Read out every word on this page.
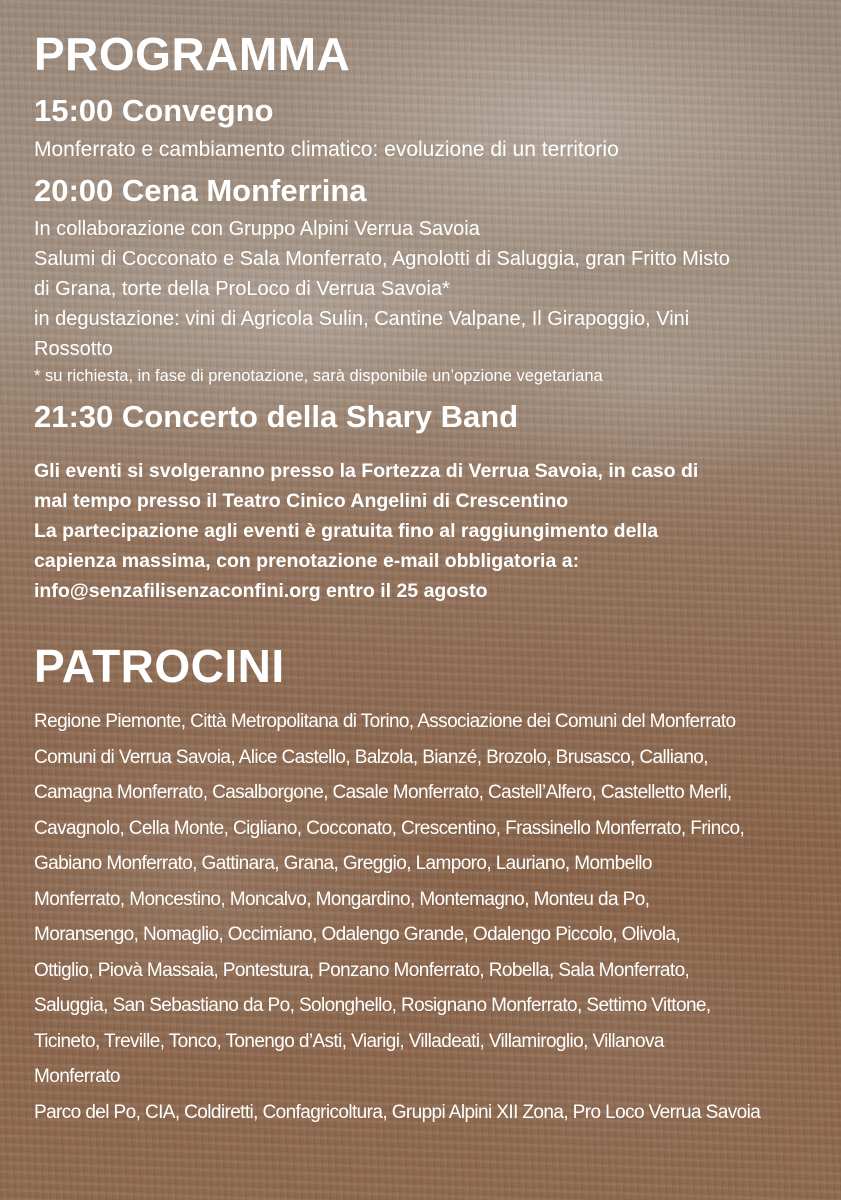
PROGRAMMA
15:00 Convegno

Monferrato e cambiamento climatico: evoluzione di un territorio

20:00 Cena Monferrina

In collaborazione con Gruppo Alpini Verrua Savoia

Salumi di Cocconato e Sala Monferrato, Agnolotti di Saluggia, gran Fritto Misto

di Grana, torte della ProLoco di Verrua Savoia*

in degustazione: vini di Agricola Sulin, Cantine Valpane, Il Girapoggio, Vini

Rossotto

* su richiesta, in fase di prenotazione, sarà disponibile un’opzione vegetariana

21:30 Concerto della Shary Band

Gli eventi si svolgeranno presso la Fortezza di Verrua Savoia, in caso di

mal tempo presso il Teatro Cinico Angelini di Crescentino

La partecipazione agli eventi è gratuita fino al raggiungimento della

capienza massima, con prenotazione e-mail obbligatoria a:

info@senzafilisenzaconfini.org entro il 25 agosto

PATROCINI

Regione Piemonte, Città Metropolitana di Torino, Associazione dei Comuni del Monferrato

Comuni di Verrua Savoia, Alice Castello, Balzola, Bianzé, Brozolo, Brusasco, Calliano,

Camagna Monferrato, Casalborgone, Casale Monferrato, Castell’Alfero, Castelletto Merli,

Cavagnolo, Cella Monte, Cigliano, Cocconato, Crescentino, Frassinello Monferrato, Frinco,

Gabiano Monferrato, Gattinara, Grana, Greggio, Lamporo, Lauriano, Mombello

Monferrato, Moncestino, Moncalvo, Mongardino, Montemagno, Monteu da Po,

Moransengo, Nomaglio, Occimiano, Odalengo Grande, Odalengo Piccolo, Olivola,

Ottiglio, Piovà Massaia, Pontestura, Ponzano Monferrato, Robella, Sala Monferrato,

Saluggia, San Sebastiano da Po, Solonghello, Rosignano Monferrato, Settimo Vittone,

Ticineto, Treville, Tonco, Tonengo d’Asti, Viarigi, Villadeati, Villamiroglio, Villanova

Monferrato

Parco del Po, CIA, Coldiretti, Confagricoltura, Gruppi Alpini XII Zona, Pro Loco Verrua Savoia
